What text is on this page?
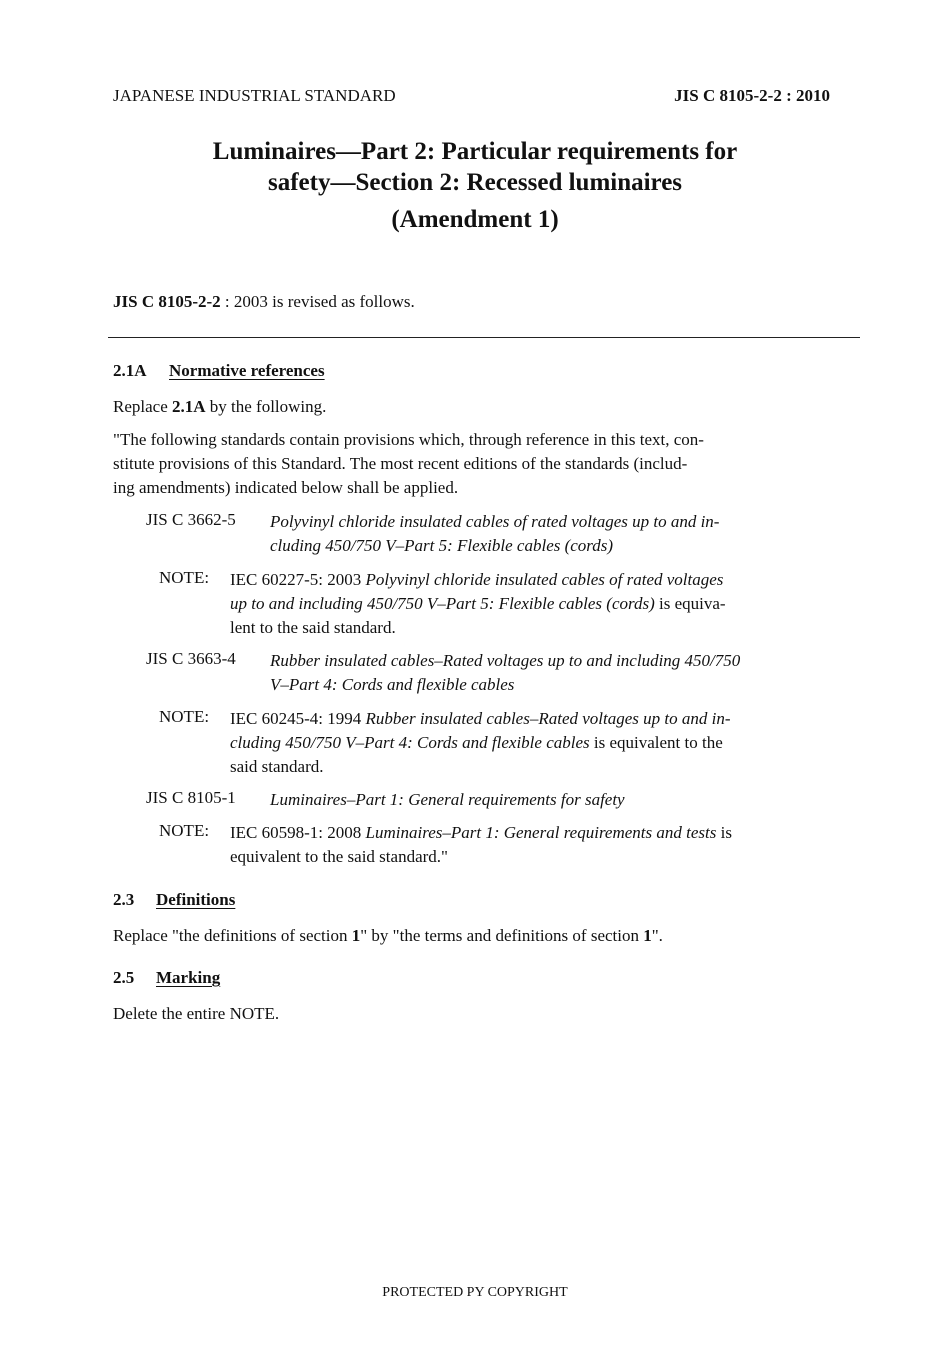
JAPANESE INDUSTRIAL STANDARD	JIS C 8105-2-2 : 2010
Luminaires—Part 2: Particular requirements for
safety—Section 2: Recessed luminaires
(Amendment 1)
JIS C 8105-2-2 : 2003 is revised as follows.
2.1A Normative references
Replace 2.1A by the following.
"The following standards contain provisions which, through reference in this text, con-
stitute provisions of this Standard. The most recent editions of the standards (includ-
ing amendments) indicated below shall be applied.
JIS C 3662-5 Polyvinyl chloride insulated cables of rated voltages up to and in-
cluding 450/750 V–Part 5: Flexible cables (cords)
NOTE: IEC 60227-5: 2003 Polyvinyl chloride insulated cables of rated voltages
up to and including 450/750 V–Part 5: Flexible cables (cords) is equiva-
lent to the said standard.
JIS C 3663-4 Rubber insulated cables–Rated voltages up to and including 450/750
V–Part 4: Cords and flexible cables
NOTE: IEC 60245-4: 1994 Rubber insulated cables–Rated voltages up to and in-
cluding 450/750 V–Part 4: Cords and flexible cables is equivalent to the
said standard.
JIS C 8105-1 Luminaires–Part 1: General requirements for safety
NOTE: IEC 60598-1: 2008 Luminaires–Part 1: General requirements and tests is
equivalent to the said standard."
2.3 Definitions
Replace "the definitions of section 1" by "the terms and definitions of section 1".
2.5 Marking
Delete the entire NOTE.
PROTECTED PY COPYRIGHT
